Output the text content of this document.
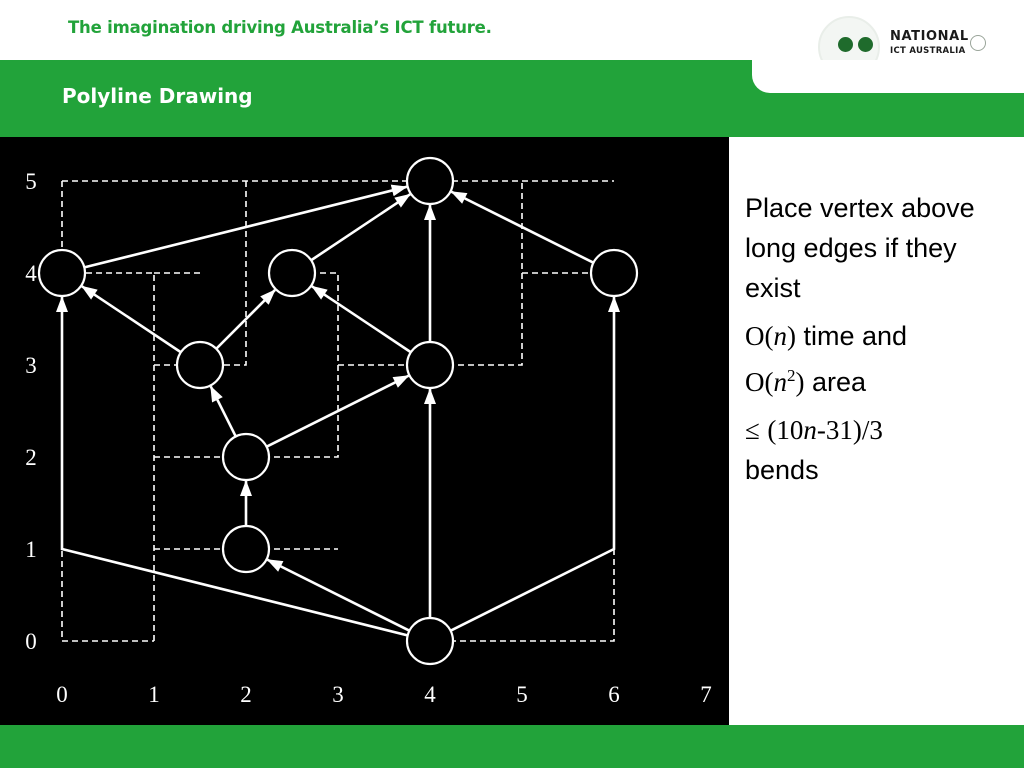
The imagination driving Australia’s ICT future.	NATIONAL
ICT AUSTRALIA
Polyline Drawing
0	1	2	3	4	5	6	7
0
1
2
3
4
5
Place vertex above long edges if they exist
O(n) time and
$O(n^2)$ area
≤ (10n-31)/3
bends
